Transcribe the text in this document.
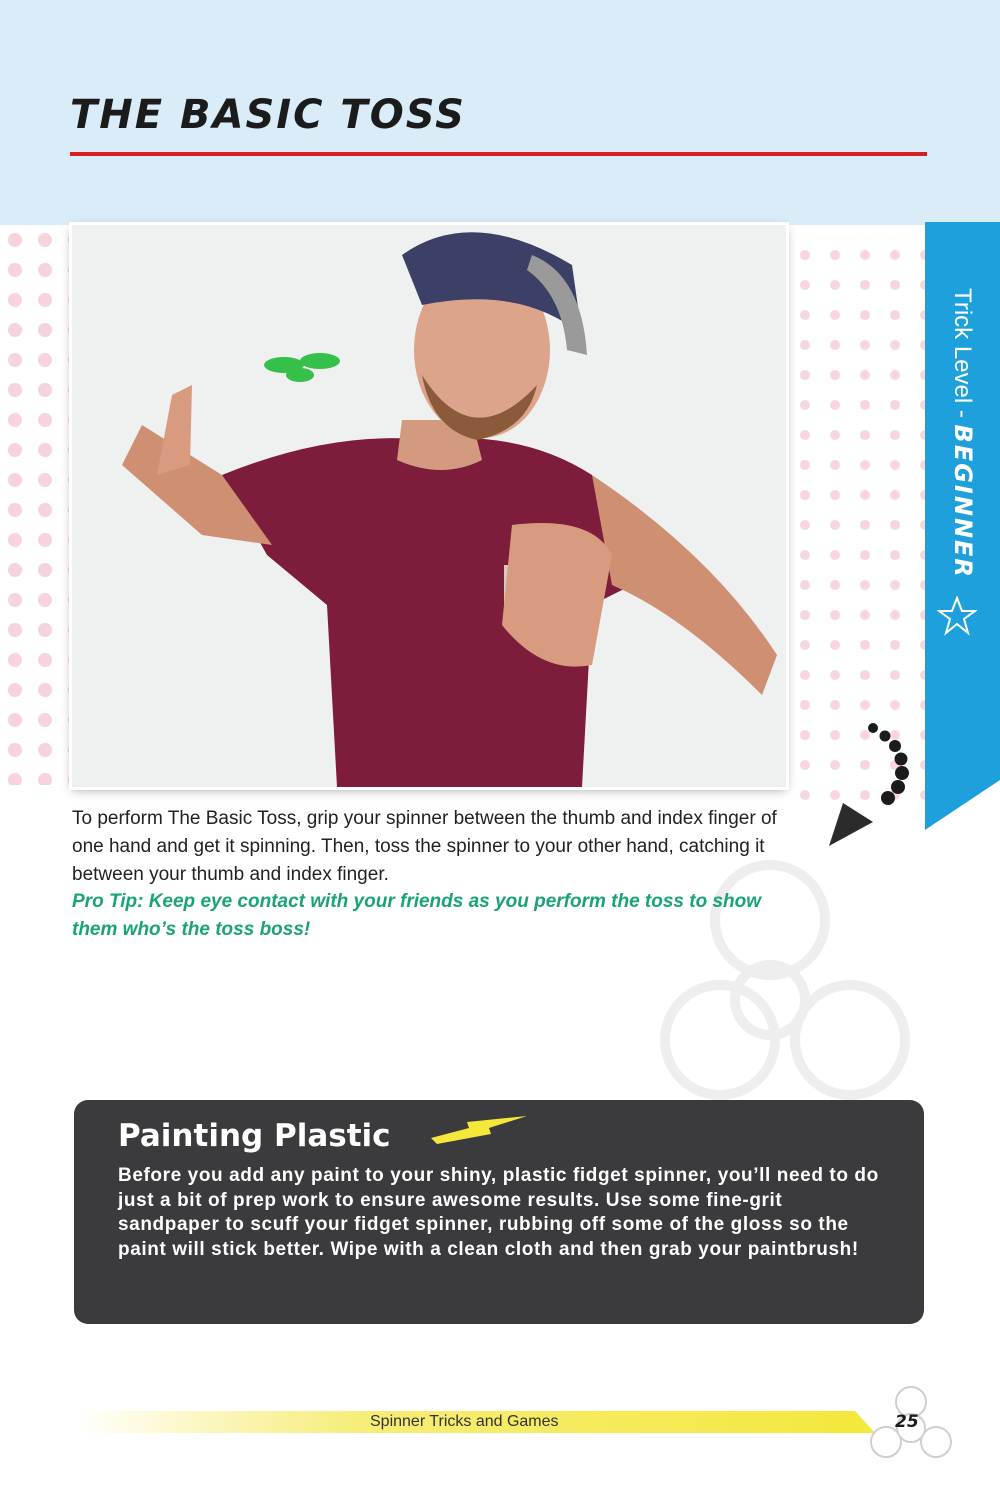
THE BASIC TOSS
Trick Level - BEGINNER

To perform The Basic Toss, grip your spinner between the thumb and index finger of one hand and get it spinning. Then, toss the spinner to your other hand, catching it between your thumb and index finger.

Pro Tip: Keep eye contact with your friends as you perform the toss to show them who’s the toss boss!

Painting Plastic

Before you add any paint to your shiny, plastic fidget spinner, you’ll need to do just a bit of prep work to ensure awesome results. Use some fine-grit sandpaper to scuff your fidget spinner, rubbing off some of the gloss so the paint will stick better. Wipe with a clean cloth and then grab your paintbrush!

Spinner Tricks and Games	25
